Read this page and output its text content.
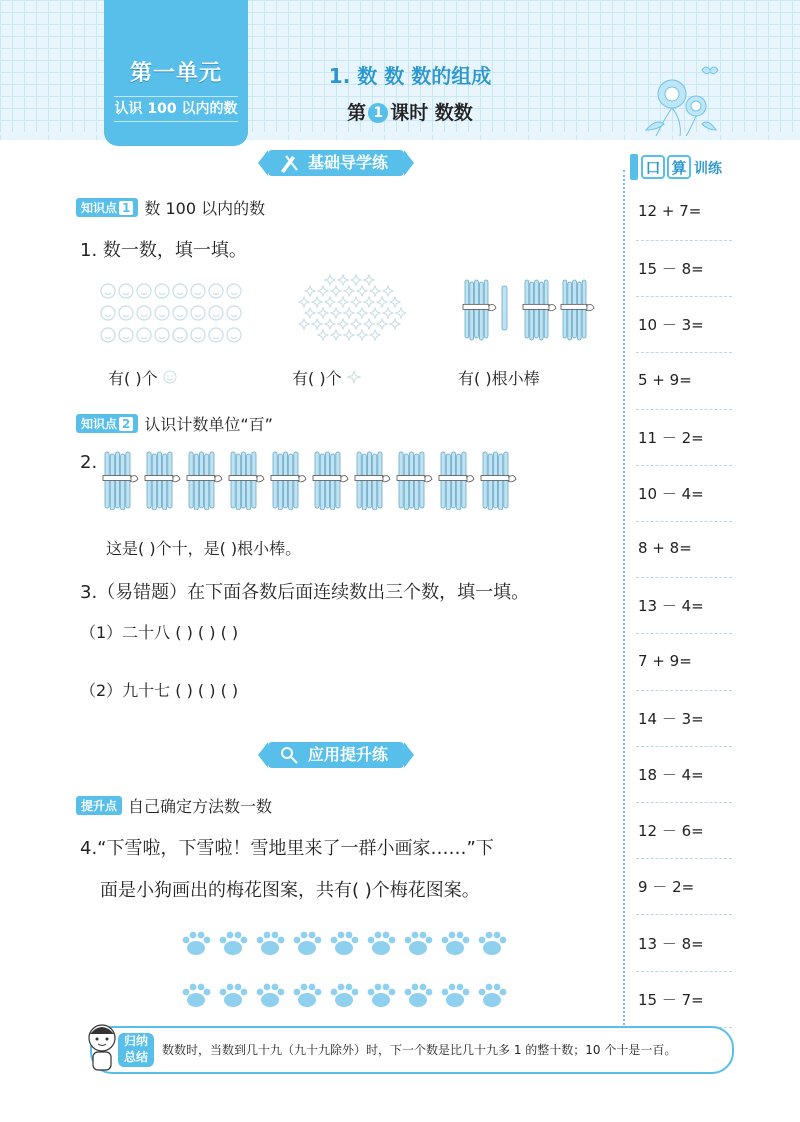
第一单元
认识 100 以内的数
1. 数 数 数的组成
第 1 课时 数数
基础导学练
知识点 1 数 100 以内的数
1. 数一数，填一填。
有( )个	有( )个	有( )根小棒
知识点 2 认识计数单位“百”
2.
这是( )个十，是( )根小棒。
3.（易错题）在下面各数后面连续数出三个数，填一填。
（1）二十八 ( ) ( ) ( )
（2）九十七 ( ) ( ) ( )
应用提升练
提升点 自己确定方法数一数
4.“下雪啦，下雪啦！雪地里来了一群小画家……”下
面是小狗画出的梅花图案，共有( )个梅花图案。
口 算 训练
12 + 7=
15 － 8=
10 － 3=
5 + 9=
11 － 2=
10 － 4=
8 + 8=
13 － 4=
7 + 9=
14 － 3=
18 － 4=
12 － 6=
9 － 2=
13 － 8=
15 － 7=
归纳
总结	数数时，当数到几十九（九十九除外）时，下一个数是比几十九多 1 的整十数；10 个十是一百。
